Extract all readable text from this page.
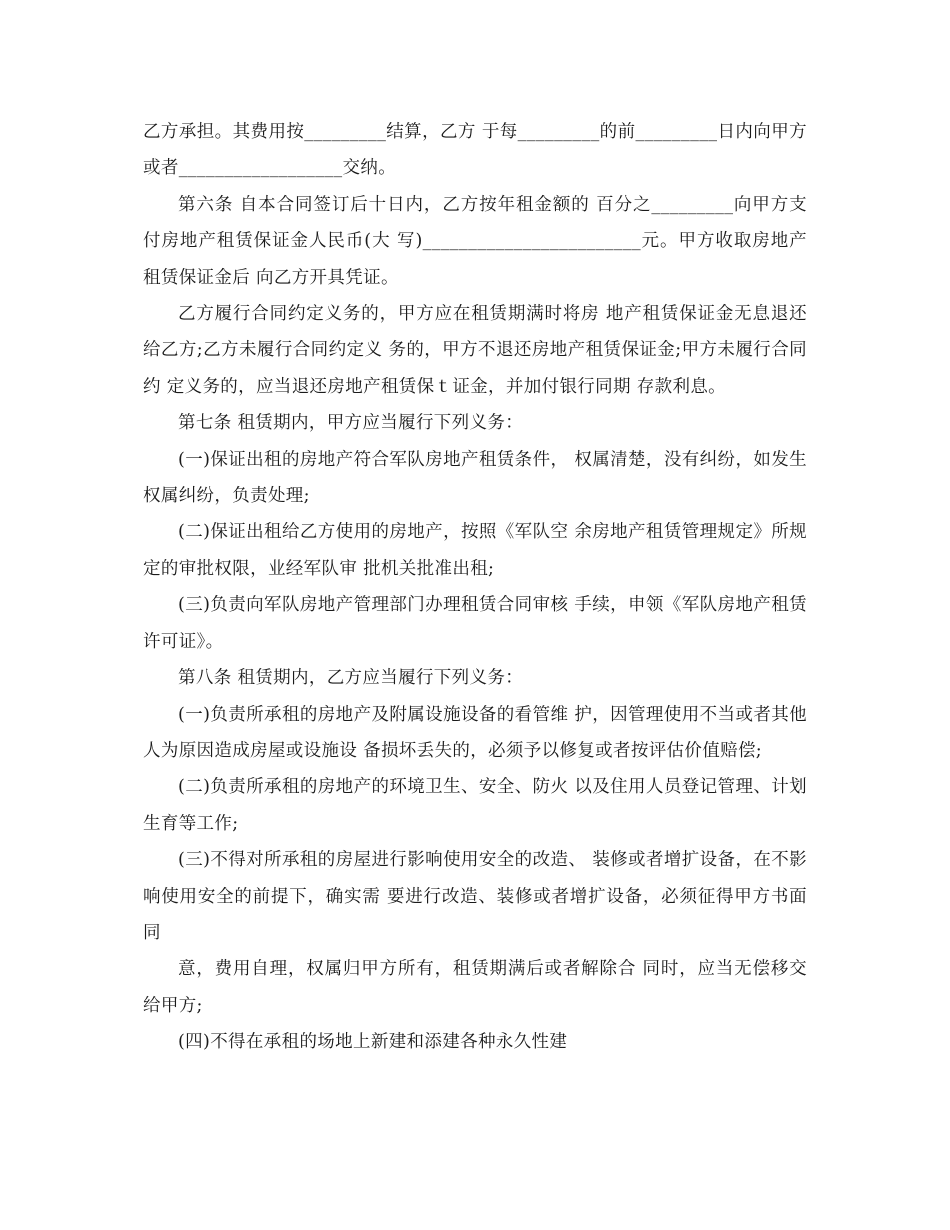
乙方承担。其费用按_________结算，乙方 于每_________的前_________日内向甲方或者__________________交纳。

第六条 自本合同签订后十日内，乙方按年租金额的 百分之_________向甲方支付房地产租赁保证金人民币(大 写)________________________元。甲方收取房地产租赁保证金后 向乙方开具凭证。

乙方履行合同约定义务的，甲方应在租赁期满时将房 地产租赁保证金无息退还给乙方;乙方未履行合同约定义 务的，甲方不退还房地产租赁保证金;甲方未履行合同约 定义务的，应当退还房地产租赁保ｔ证金，并加付银行同期 存款利息。

第七条 租赁期内，甲方应当履行下列义务：

(一)保证出租的房地产符合军队房地产租赁条件， 权属清楚，没有纠纷，如发生权属纠纷，负责处理;

(二)保证出租给乙方使用的房地产，按照《军队空 余房地产租赁管理规定》所规定的审批权限，业经军队审 批机关批准出租;

(三)负责向军队房地产管理部门办理租赁合同审核 手续，申领《军队房地产租赁许可证》。

第八条 租赁期内，乙方应当履行下列义务：

(一)负责所承租的房地产及附属设施设备的看管维 护，因管理使用不当或者其他人为原因造成房屋或设施设 备损坏丢失的，必须予以修复或者按评估价值赔偿;

(二)负责所承租的房地产的环境卫生、安全、防火 以及住用人员登记管理、计划生育等工作;

(三)不得对所承租的房屋进行影响使用安全的改造、 装修或者增扩设备，在不影响使用安全的前提下，确实需 要进行改造、装修或者增扩设备，必须征得甲方书面同

意，费用自理，权属归甲方所有，租赁期满后或者解除合 同时，应当无偿移交给甲方;

(四)不得在承租的场地上新建和添建各种永久性建
